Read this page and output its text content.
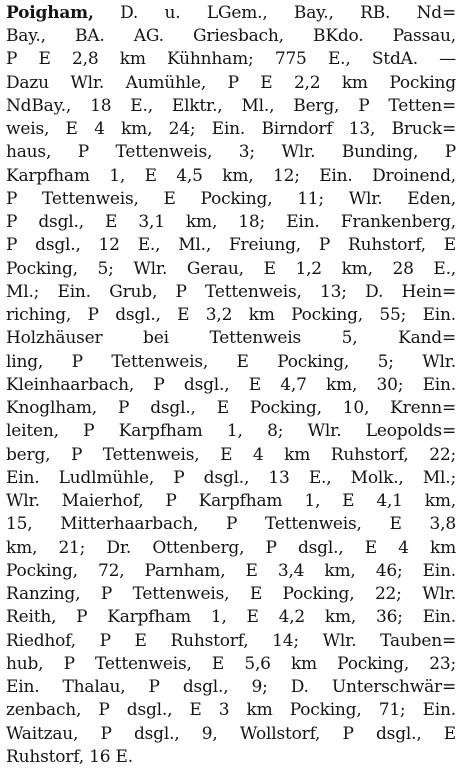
Poigham, D. u. LGem., Bay., RB. Nd=
Bay., BA. AG. Griesbach, BKdo. Passau,
P E 2,8 km Kühnham; 775 E., StdA. —
Dazu Wlr. Aumühle, P E 2,2 km Pocking
NdBay., 18 E., Elktr., Ml., Berg, P Tetten=
weis, E 4 km, 24; Ein. Birndorf 13, Bruck=
haus, P Tettenweis, 3; Wlr. Bunding, P
Karpfham 1, E 4,5 km, 12; Ein. Droinend,
P Tettenweis, E Pocking, 11; Wlr. Eden,
P dsgl., E 3,1 km, 18; Ein. Frankenberg,
P dsgl., 12 E., Ml., Freiung, P Ruhstorf, E
Pocking, 5; Wlr. Gerau, E 1,2 km, 28 E.,
Ml.; Ein. Grub, P Tettenweis, 13; D. Hein=
riching, P dsgl., E 3,2 km Pocking, 55; Ein.
Holzhäuser bei Tettenweis 5, Kand=
ling, P Tettenweis, E Pocking, 5; Wlr.
Kleinhaarbach, P dsgl., E 4,7 km, 30; Ein.
Knoglham, P dsgl., E Pocking, 10, Krenn=
leiten, P Karpfham 1, 8; Wlr. Leopolds=
berg, P Tettenweis, E 4 km Ruhstorf, 22;
Ein. Ludlmühle, P dsgl., 13 E., Molk., Ml.;
Wlr. Maierhof, P Karpfham 1, E 4,1 km,
15, Mitterhaarbach, P Tettenweis, E 3,8
km, 21; Dr. Ottenberg, P dsgl., E 4 km
Pocking, 72, Parnham, E 3,4 km, 46; Ein.
Ranzing, P Tettenweis, E Pocking, 22; Wlr.
Reith, P Karpfham 1, E 4,2 km, 36; Ein.
Riedhof, P E Ruhstorf, 14; Wlr. Tauben=
hub, P Tettenweis, E 5,6 km Pocking, 23;
Ein. Thalau, P dsgl., 9; D. Unterschwär=
zenbach, P dsgl., E 3 km Pocking, 71; Ein.
Waitzau, P dsgl., 9, Wollstorf, P dsgl., E
Ruhstorf, 16 E.
